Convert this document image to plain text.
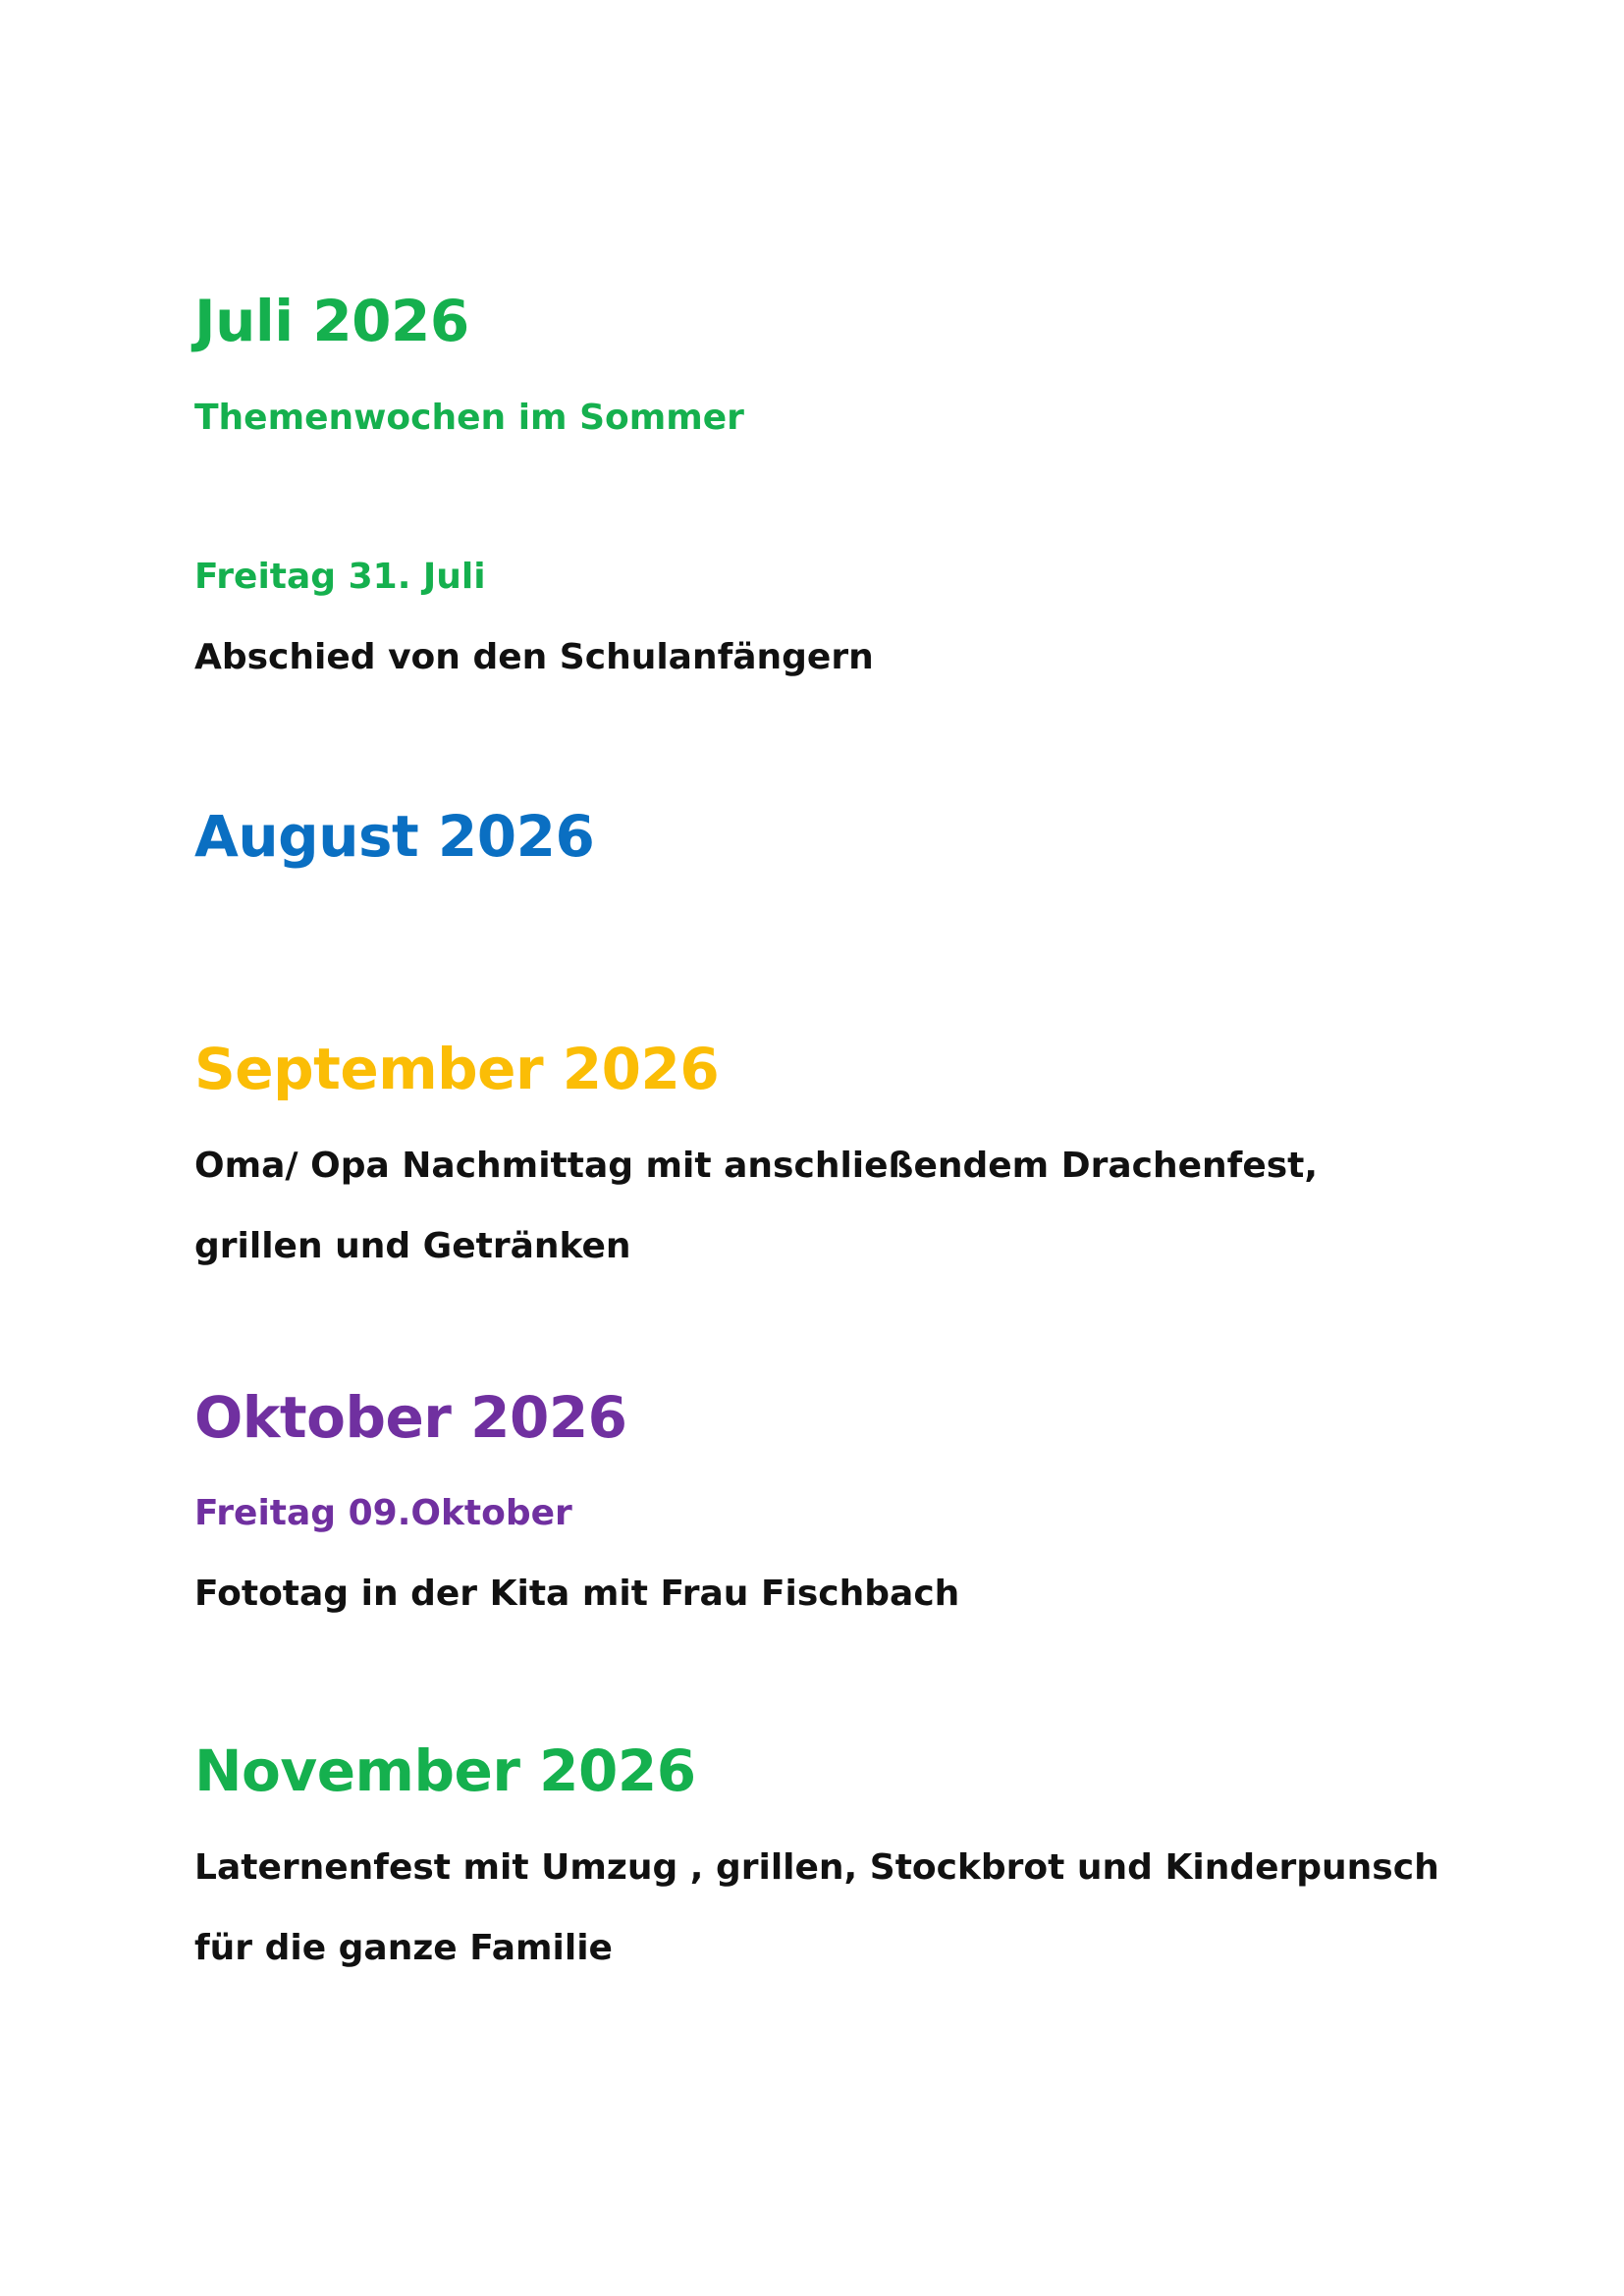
Juli 2026

Themenwochen im Sommer

Freitag 31. Juli

Abschied von den Schulanfängern

August 2026
September 2026

Oma/ Opa Nachmittag mit anschließendem Drachenfest,

grillen und Getränken

Oktober 2026

Freitag 09.Oktober

Fototag in der Kita mit Frau Fischbach

November 2026

Laternenfest mit Umzug , grillen, Stockbrot und Kinderpunsch

für die ganze Familie
